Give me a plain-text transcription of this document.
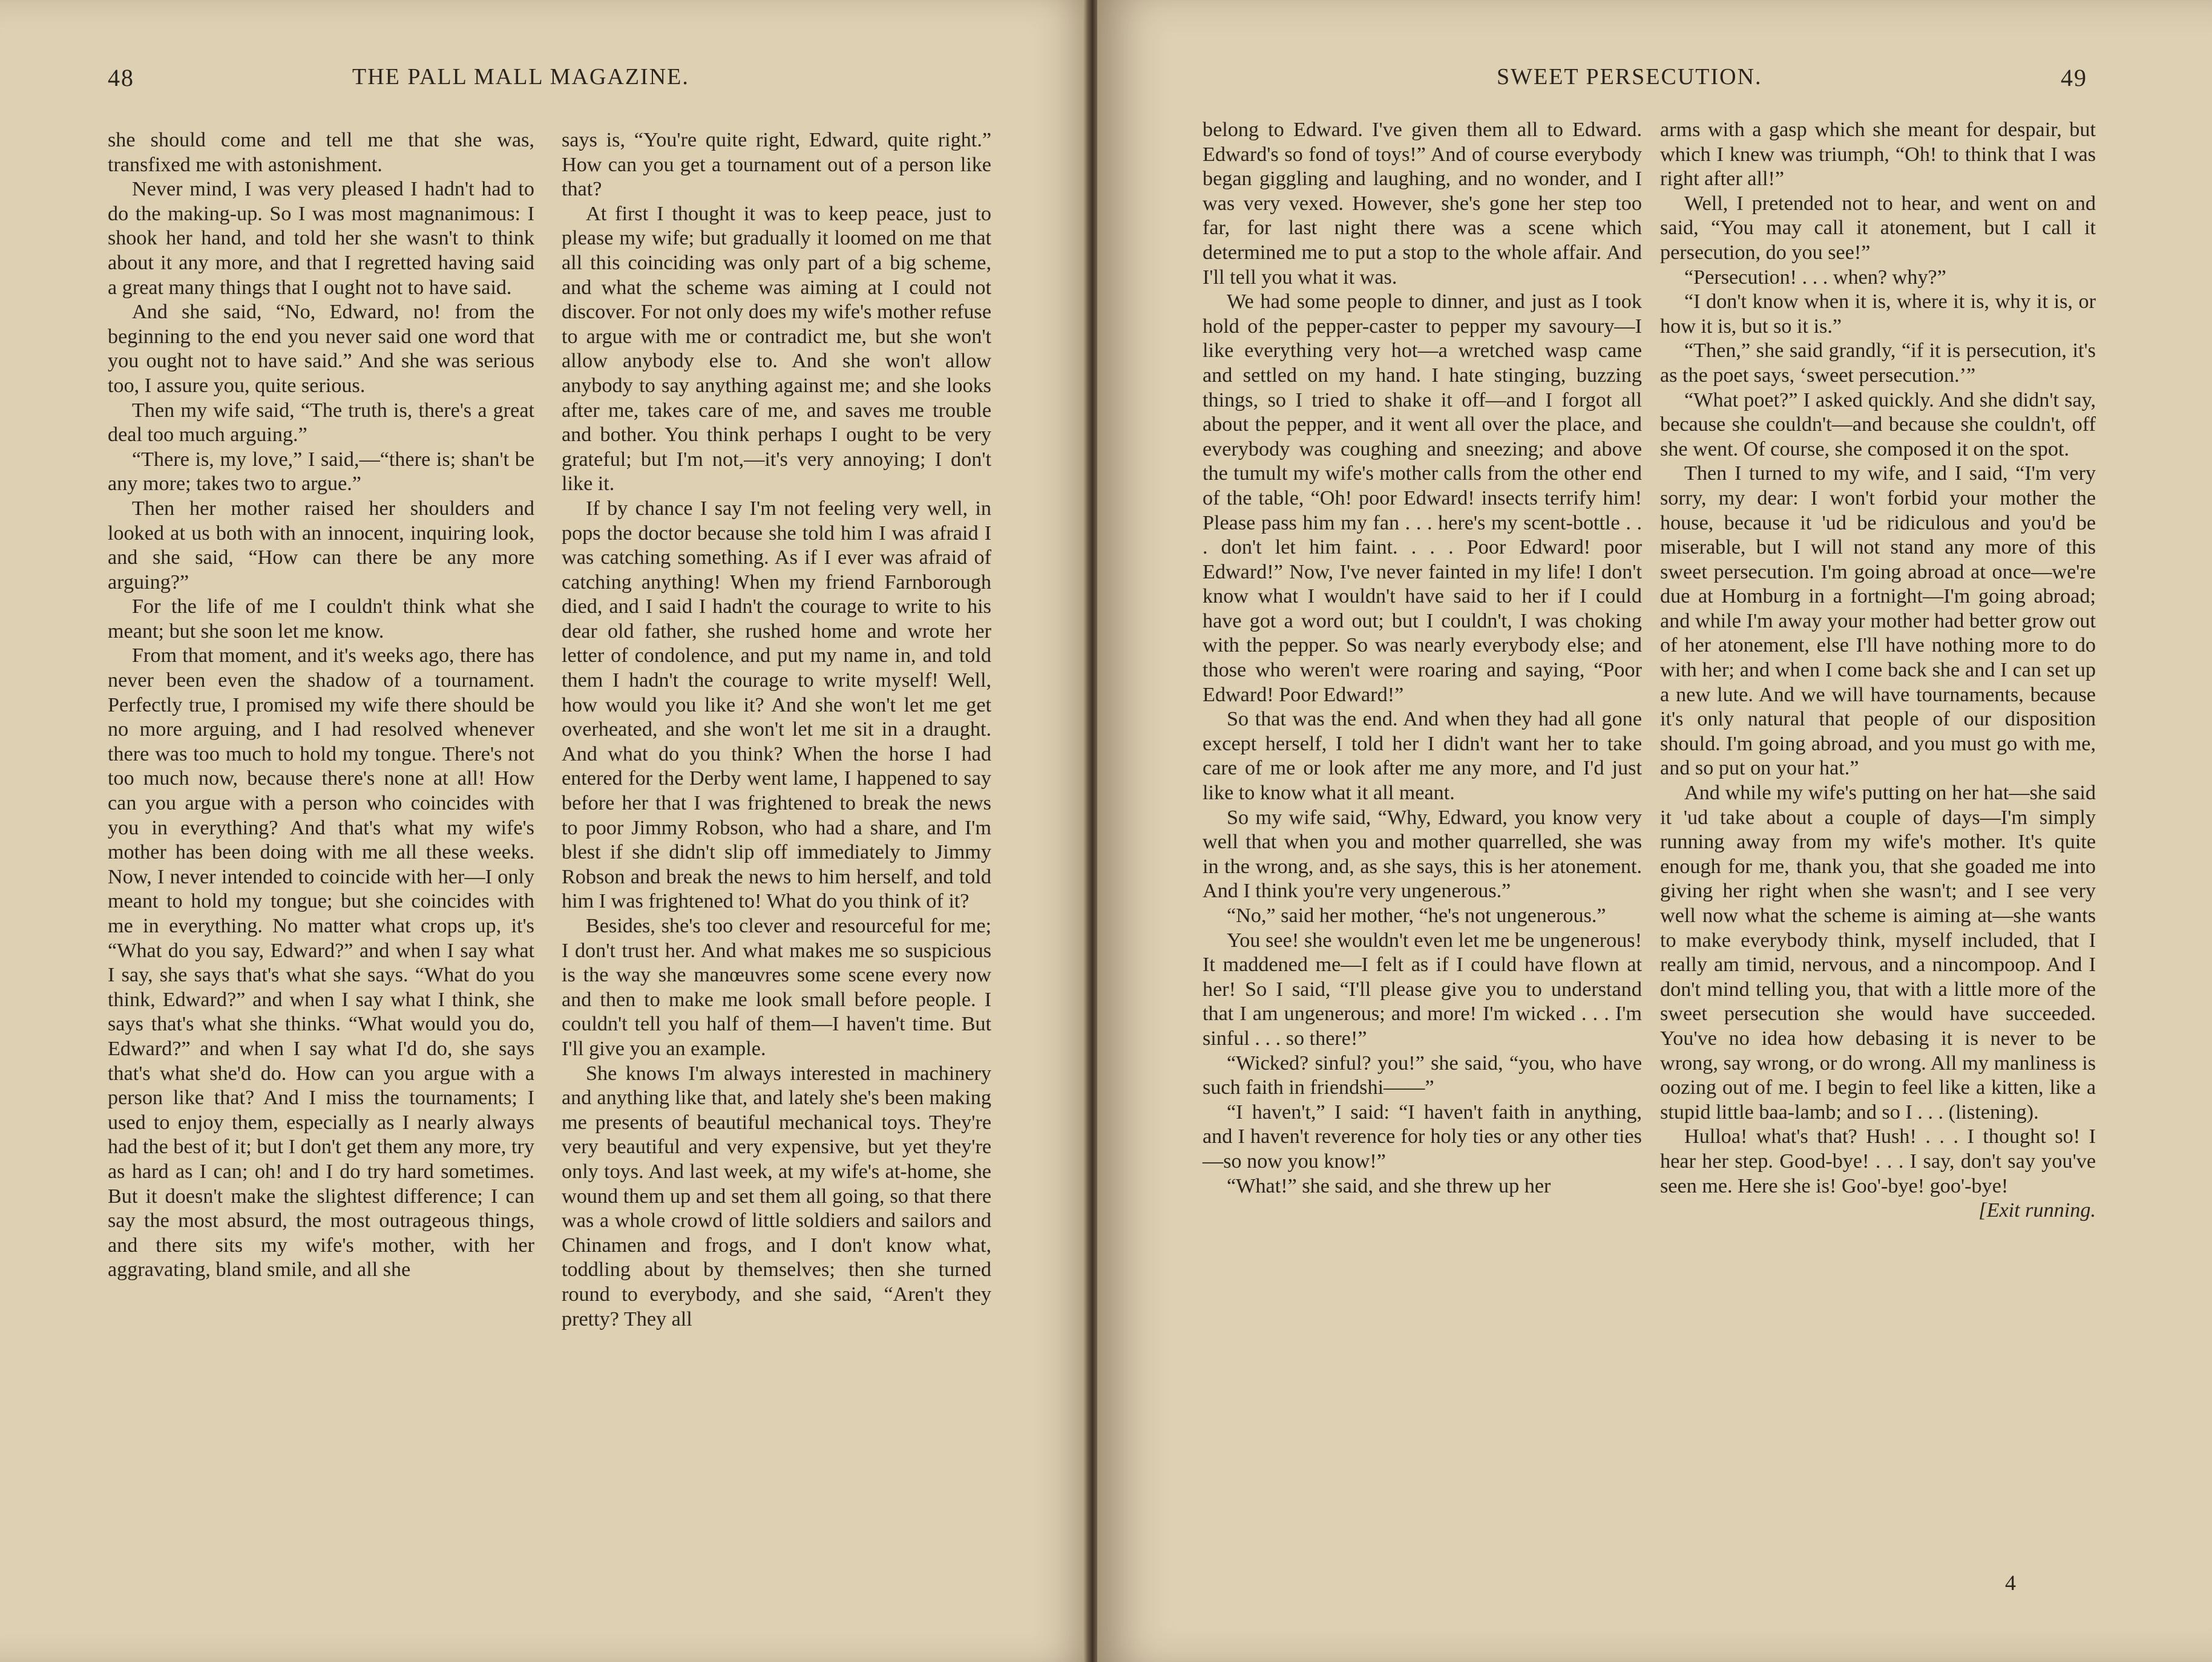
48	THE PALL MALL MAGAZINE.

she should come and tell me that she was, transfixed me with astonishment.

Never mind, I was very pleased I hadn't had to do the making-up. So I was most magnanimous: I shook her hand, and told her she wasn't to think about it any more, and that I regretted having said a great many things that I ought not to have said.

And she said, “No, Edward, no! from the beginning to the end you never said one word that you ought not to have said.” And she was serious too, I assure you, quite serious.

Then my wife said, “The truth is, there's a great deal too much arguing.”

“There is, my love,” I said,—“there is; shan't be any more; takes two to argue.”

Then her mother raised her shoulders and looked at us both with an innocent, inquiring look, and she said, “How can there be any more arguing?”

For the life of me I couldn't think what she meant; but she soon let me know.

From that moment, and it's weeks ago, there has never been even the shadow of a tournament. Perfectly true, I promised my wife there should be no more arguing, and I had resolved whenever there was too much to hold my tongue. There's not too much now, because there's none at all! How can you argue with a person who coincides with you in everything? And that's what my wife's mother has been doing with me all these weeks. Now, I never intended to coincide with her—I only meant to hold my tongue; but she coincides with me in everything. No matter what crops up, it's “What do you say, Edward?” and when I say what I say, she says that's what she says. “What do you think, Edward?” and when I say what I think, she says that's what she thinks. “What would you do, Edward?” and when I say what I'd do, she says that's what she'd do. How can you argue with a person like that? And I miss the tournaments; I used to enjoy them, especially as I nearly always had the best of it; but I don't get them any more, try as hard as I can; oh! and I do try hard sometimes. But it doesn't make the slightest difference; I can say the most absurd, the most outrageous things, and there sits my wife's mother, with her aggravating, bland smile, and all she

says is, “You're quite right, Edward, quite right.” How can you get a tournament out of a person like that?

At first I thought it was to keep peace, just to please my wife; but gradually it loomed on me that all this coinciding was only part of a big scheme, and what the scheme was aiming at I could not discover. For not only does my wife's mother refuse to argue with me or contradict me, but she won't allow anybody else to. And she won't allow anybody to say anything against me; and she looks after me, takes care of me, and saves me trouble and bother. You think perhaps I ought to be very grateful; but I'm not,—it's very annoying; I don't like it.

If by chance I say I'm not feeling very well, in pops the doctor because she told him I was afraid I was catching something. As if I ever was afraid of catching anything! When my friend Farnborough died, and I said I hadn't the courage to write to his dear old father, she rushed home and wrote her letter of condolence, and put my name in, and told them I hadn't the courage to write myself! Well, how would you like it? And she won't let me get overheated, and she won't let me sit in a draught. And what do you think? When the horse I had entered for the Derby went lame, I happened to say before her that I was frightened to break the news to poor Jimmy Robson, who had a share, and I'm blest if she didn't slip off immediately to Jimmy Robson and break the news to him herself, and told him I was frightened to! What do you think of it?

Besides, she's too clever and resourceful for me; I don't trust her. And what makes me so suspicious is the way she manœuvres some scene every now and then to make me look small before people. I couldn't tell you half of them—I haven't time. But I'll give you an example.

She knows I'm always interested in machinery and anything like that, and lately she's been making me presents of beautiful mechanical toys. They're very beautiful and very expensive, but yet they're only toys. And last week, at my wife's at-home, she wound them up and set them all going, so that there was a whole crowd of little soldiers and sailors and Chinamen and frogs, and I don't know what, toddling about by themselves; then she turned round to everybody, and she said, “Aren't they pretty? They all

SWEET PERSECUTION.	49

belong to Edward. I've given them all to Edward. Edward's so fond of toys!” And of course everybody began giggling and laughing, and no wonder, and I was very vexed. However, she's gone her step too far, for last night there was a scene which determined me to put a stop to the whole affair. And I'll tell you what it was.

We had some people to dinner, and just as I took hold of the pepper-caster to pepper my savoury—I like everything very hot—a wretched wasp came and settled on my hand. I hate stinging, buzzing things, so I tried to shake it off—and I forgot all about the pepper, and it went all over the place, and everybody was coughing and sneezing; and above the tumult my wife's mother calls from the other end of the table, “Oh! poor Edward! insects terrify him! Please pass him my fan . . . here's my scent-bottle . . . don't let him faint. . . . Poor Edward! poor Edward!” Now, I've never fainted in my life! I don't know what I wouldn't have said to her if I could have got a word out; but I couldn't, I was choking with the pepper. So was nearly everybody else; and those who weren't were roaring and saying, “Poor Edward! Poor Edward!”

So that was the end. And when they had all gone except herself, I told her I didn't want her to take care of me or look after me any more, and I'd just like to know what it all meant.

So my wife said, “Why, Edward, you know very well that when you and mother quarrelled, she was in the wrong, and, as she says, this is her atonement. And I think you're very ungenerous.”

“No,” said her mother, “he's not ungenerous.”

You see! she wouldn't even let me be ungenerous! It maddened me—I felt as if I could have flown at her! So I said, “I'll please give you to understand that I am ungenerous; and more! I'm wicked . . . I'm sinful . . . so there!”

“Wicked? sinful? you!” she said, “you, who have such faith in friendshi——”

“I haven't,” I said: “I haven't faith in anything, and I haven't reverence for holy ties or any other ties—so now you know!”

“What!” she said, and she threw up her

arms with a gasp which she meant for despair, but which I knew was triumph, “Oh! to think that I was right after all!”

Well, I pretended not to hear, and went on and said, “You may call it atonement, but I call it persecution, do you see!”

“Persecution! . . . when? why?”

“I don't know when it is, where it is, why it is, or how it is, but so it is.”

“Then,” she said grandly, “if it is persecution, it's as the poet says, ‘sweet persecution.’”

“What poet?” I asked quickly. And she didn't say, because she couldn't—and because she couldn't, off she went. Of course, she composed it on the spot.

Then I turned to my wife, and I said, “I'm very sorry, my dear: I won't forbid your mother the house, because it 'ud be ridiculous and you'd be miserable, but I will not stand any more of this sweet persecution. I'm going abroad at once—we're due at Homburg in a fortnight—I'm going abroad; and while I'm away your mother had better grow out of her atonement, else I'll have nothing more to do with her; and when I come back she and I can set up a new lute. And we will have tournaments, because it's only natural that people of our disposition should. I'm going abroad, and you must go with me, and so put on your hat.”

And while my wife's putting on her hat—she said it 'ud take about a couple of days—I'm simply running away from my wife's mother. It's quite enough for me, thank you, that she goaded me into giving her right when she wasn't; and I see very well now what the scheme is aiming at—she wants to make everybody think, myself included, that I really am timid, nervous, and a nincompoop. And I don't mind telling you, that with a little more of the sweet persecution she would have succeeded. You've no idea how debasing it is never to be wrong, say wrong, or do wrong. All my manliness is oozing out of me. I begin to feel like a kitten, like a stupid little baa-lamb; and so I . . . (listening).

Hulloa! what's that? Hush! . . . I thought so! I hear her step. Good-bye! . . . I say, don't say you've seen me. Here she is! Goo'-bye! goo'-bye!

[Exit running.

4
